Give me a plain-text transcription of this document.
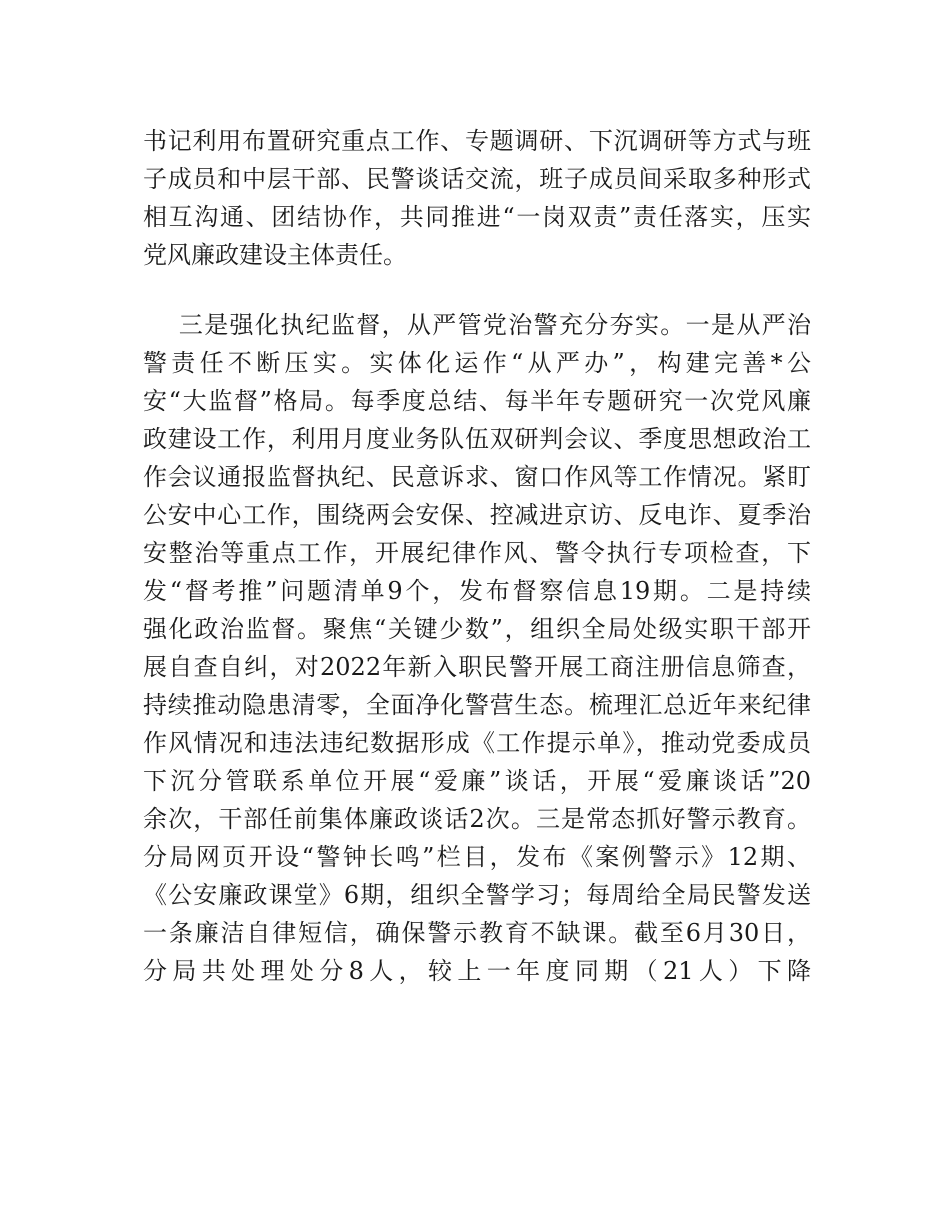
书记利用布置研究重点工作、专题调研、下沉调研等方式与班
子成员和中层干部、民警谈话交流，班子成员间采取多种形式
相互沟通、团结协作，共同推进“一岗双责”责任落实，压实
党风廉政建设主体责任。
三是强化执纪监督，从严管党治警充分夯实。一是从严治
警责任不断压实。实体化运作“从严办”，构建完善*公
安“大监督”格局。每季度总结、每半年专题研究一次党风廉
政建设工作，利用月度业务队伍双研判会议、季度思想政治工
作会议通报监督执纪、民意诉求、窗口作风等工作情况。紧盯
公安中心工作，围绕两会安保、控减进京访、反电诈、夏季治
安整治等重点工作，开展纪律作风、警令执行专项检查，下
发“督考推”问题清单9个，发布督察信息19期。二是持续
强化政治监督。聚焦“关键少数”，组织全局处级实职干部开
展自查自纠，对2022年新入职民警开展工商注册信息筛查，
持续推动隐患清零，全面净化警营生态。梳理汇总近年来纪律
作风情况和违法违纪数据形成《工作提示单》，推动党委成员
下沉分管联系单位开展“爱廉”谈话，开展“爱廉谈话”20
余次，干部任前集体廉政谈话2次。三是常态抓好警示教育。
分局网页开设“警钟长鸣”栏目，发布《案例警示》12期、
《公安廉政课堂》6期，组织全警学习；每周给全局民警发送
一条廉洁自律短信，确保警示教育不缺课。截至6月30日，
分局共处理处分8人，较上一年度同期（21人）下降
